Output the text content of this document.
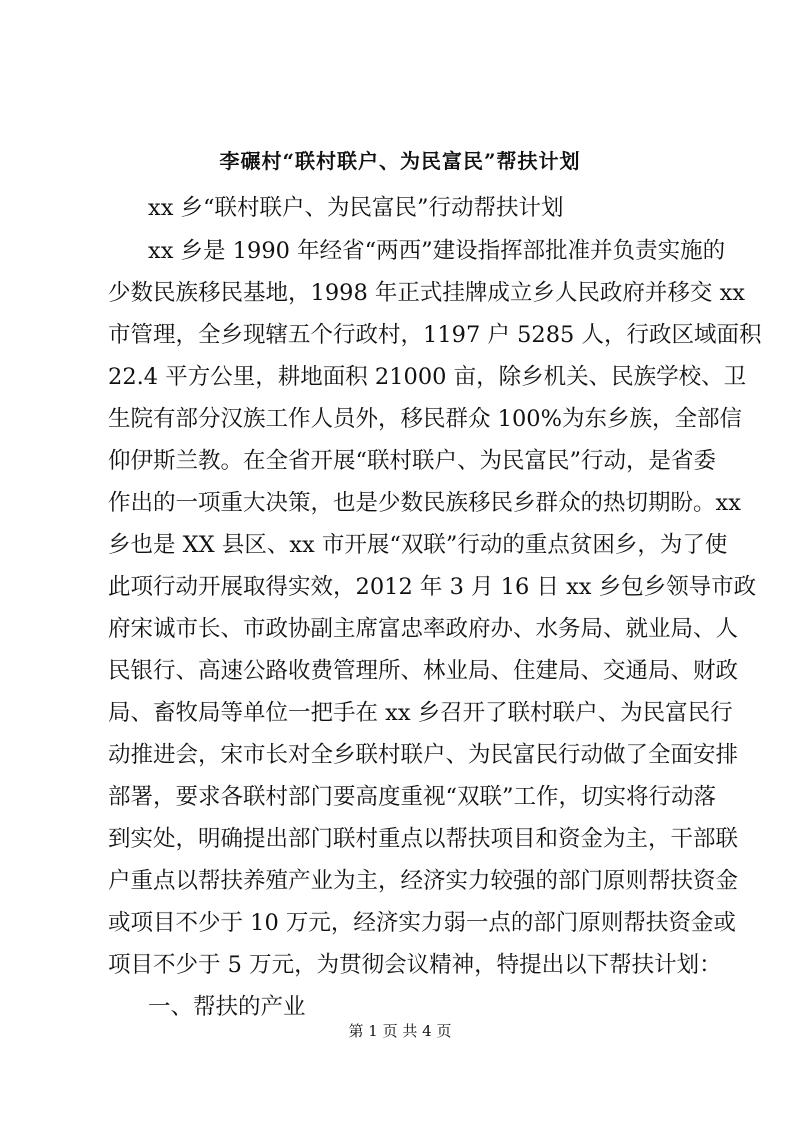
李碾村“联村联户、为民富民”帮扶计划

xx 乡“联村联户、为民富民”行动帮扶计划

xx 乡是 1990 年经省“两西”建设指挥部批准并负责实施的

少数民族移民基地，1998 年正式挂牌成立乡人民政府并移交 xx

市管理，全乡现辖五个行政村，1197 户 5285 人，行政区域面积

22.4 平方公里，耕地面积 21000 亩，除乡机关、民族学校、卫

生院有部分汉族工作人员外，移民群众 100%为东乡族，全部信

仰伊斯兰教。在全省开展“联村联户、为民富民”行动，是省委

作出的一项重大决策，也是少数民族移民乡群众的热切期盼。xx

乡也是 XX 县区、xx 市开展“双联”行动的重点贫困乡，为了使

此项行动开展取得实效，2012 年 3 月 16 日 xx 乡包乡领导市政

府宋诚市长、市政协副主席富忠率政府办、水务局、就业局、人

民银行、高速公路收费管理所、林业局、住建局、交通局、财政

局、畜牧局等单位一把手在 xx 乡召开了联村联户、为民富民行

动推进会，宋市长对全乡联村联户、为民富民行动做了全面安排

部署，要求各联村部门要高度重视“双联”工作，切实将行动落

到实处，明确提出部门联村重点以帮扶项目和资金为主，干部联

户重点以帮扶养殖产业为主，经济实力较强的部门原则帮扶资金

或项目不少于 10 万元，经济实力弱一点的部门原则帮扶资金或

项目不少于 5 万元，为贯彻会议精神，特提出以下帮扶计划：

一、帮扶的产业

第 1 页 共 4 页
